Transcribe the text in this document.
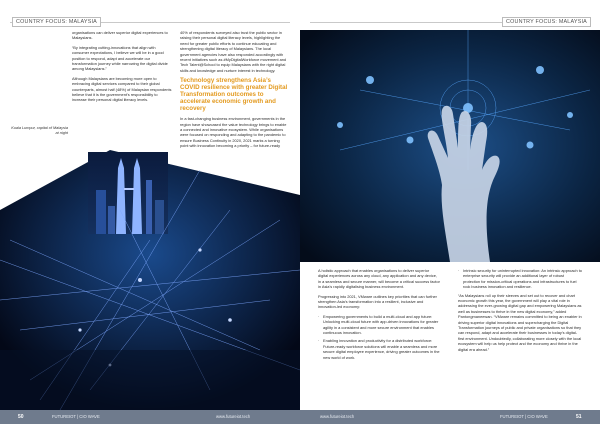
COUNTRY FOCUS: MALAYSIA

organisations can deliver superior digital experiences to Malaysians.

“By integrating cutting-innovations that align with consumer expectations, I believe we will be in a good position to respond, adapt and accelerate our transformation journey while narrowing the digital divide among Malaysians.”

Although Malaysians are becoming more open to embracing digital services compared to their global counterparts, almost half (48%) of Malaysian respondents believe that it is the government’s responsibility to increase their personal digital literacy levels.

Kuala Lumpur, capital of Malaysia at night

40% of respondents surveyed also trust the public sector in raising their personal digital literacy levels, highlighting the need for greater public efforts to continue educating and strengthening digital literacy of Malaysians. The local government agencies have also responded accordingly with recent initiatives such as #MyDigitalWorkforce movement and Tech Talent@School to equip Malaysians with the right digital skills and knowledge and nurture interest in technology.

Technology strengthens Asia’s COVID resilience with greater Digital Transformation outcomes to accelerate economic growth and recovery

In a fast-changing business environment, governments in the region have showcased the value technology brings to enable a connected and innovative ecosystem. While organisations were focused on responding and adapting to the pandemic to ensure Business Continuity in 2020, 2021 marks a turning point with innovation becoming a priority – for future-ready

50	FUTUREIOT | CIO WAVE	www.futureiot.tech
COUNTRY FOCUS: MALAYSIA

A holistic approach that enables organisations to deliver superior digital experiences across any cloud, any application and any device, in a seamless and secure manner, will become a critical success factor in Asia’s rapidly digitalising business environment.

Progressing into 2021, VMware outlines key priorities that can further strengthen Asia’s transformation into a resilient, inclusive and innovation-led economy:

· Empowering governments to build a multi-cloud and app future: Unlocking multi-cloud future with app-driven innovations for greater agility in a consistent and more secure environment that enables continuous innovation.
· Enabling innovation and productivity for a distributed workforce: Future-ready workforce solutions will enable a seamless and more secure digital employee experience, driving greater outcomes in the new world of work.
· Intrinsic security for uninterrupted innovation: An intrinsic approach to enterprise security will provide an additional layer of robust protection for mission-critical operations and infrastructures to fuel rock business innovation and resilience.

“As Malaysians roll up their sleeves and set out to recover and chart economic growth this year, the government will play a vital role in addressing the ever-growing digital gap and empowering Malaysians as well as businesses to thrive in the new digital economy,” added Pantongmaneewan. “VMware remains committed to being an enabler in driving superior digital innovations and supercharging the Digital Transformation journeys of public and private organisations so that they can respond, adapt and accelerate their businesses in today’s digital-first environment. Undoubtedly, collaborating more closely with the local ecosystem will help us help protect and the economy and thrive in the digital era ahead.”

www.futureiot.tech	FUTUREIOT | CIO WAVE	51
